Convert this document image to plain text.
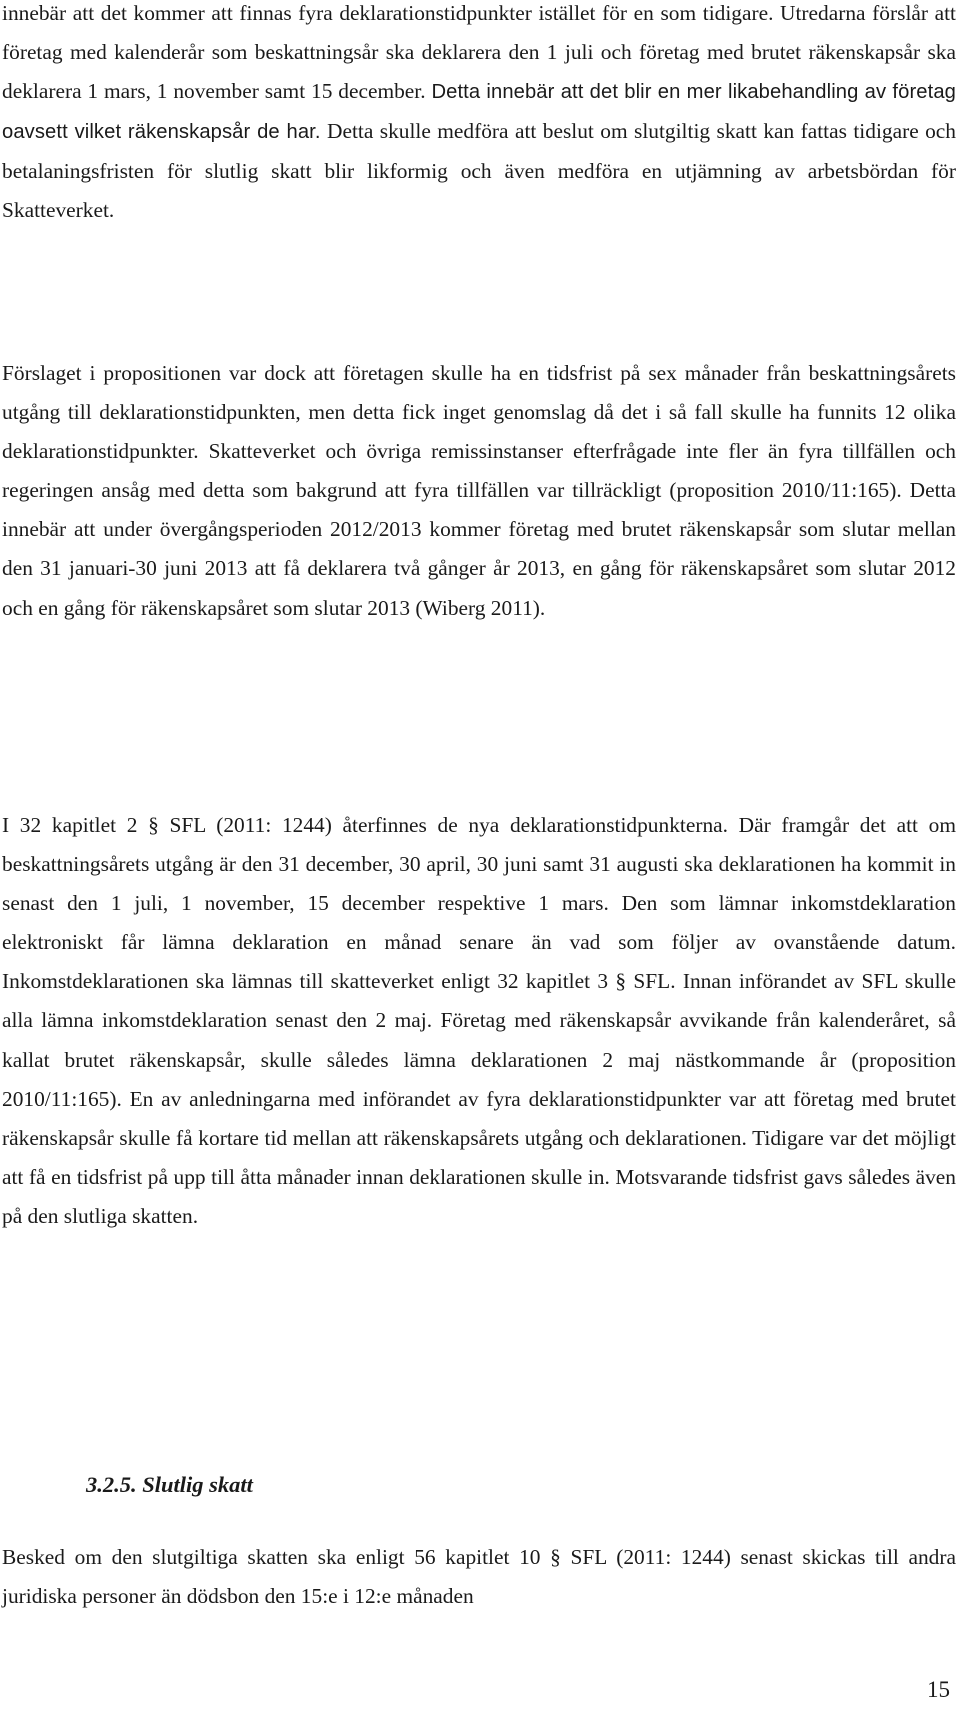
innebär att det kommer att finnas fyra deklarationstidpunkter istället för en som tidigare. Utredarna förslår att företag med kalenderår som beskattningsår ska deklarera den 1 juli och företag med brutet räkenskapsår ska deklarera 1 mars, 1 november samt 15 december. Detta innebär att det blir en mer likabehandling av företag oavsett vilket räkenskapsår de har. Detta skulle medföra att beslut om slutgiltig skatt kan fattas tidigare och betalaningsfristen för slutlig skatt blir likformig och även medföra en utjämning av arbetsbördan för Skatteverket.

Förslaget i propositionen var dock att företagen skulle ha en tidsfrist på sex månader från beskattningsårets utgång till deklarationstidpunkten, men detta fick inget genomslag då det i så fall skulle ha funnits 12 olika deklarationstidpunkter. Skatteverket och övriga remissinstanser efterfrågade inte fler än fyra tillfällen och regeringen ansåg med detta som bakgrund att fyra tillfällen var tillräckligt (proposition 2010/11:165). Detta innebär att under övergångsperioden 2012/2013 kommer företag med brutet räkenskapsår som slutar mellan den 31 januari-30 juni 2013 att få deklarera två gånger år 2013, en gång för räkenskapsåret som slutar 2012 och en gång för räkenskapsåret som slutar 2013 (Wiberg 2011).

I 32 kapitlet 2 § SFL (2011: 1244) återfinnes de nya deklarationstidpunkterna. Där framgår det att om beskattningsårets utgång är den 31 december, 30 april, 30 juni samt 31 augusti ska deklarationen ha kommit in senast den 1 juli, 1 november, 15 december respektive 1 mars. Den som lämnar inkomstdeklaration elektroniskt får lämna deklaration en månad senare än vad som följer av ovanstående datum. Inkomstdeklarationen ska lämnas till skatteverket enligt 32 kapitlet 3 § SFL. Innan införandet av SFL skulle alla lämna inkomstdeklaration senast den 2 maj. Företag med räkenskapsår avvikande från kalenderåret, så kallat brutet räkenskapsår, skulle således lämna deklarationen 2 maj nästkommande år (proposition 2010/11:165). En av anledningarna med införandet av fyra deklarationstidpunkter var att företag med brutet räkenskapsår skulle få kortare tid mellan att räkenskapsårets utgång och deklarationen. Tidigare var det möjligt att få en tidsfrist på upp till åtta månader innan deklarationen skulle in. Motsvarande tidsfrist gavs således även på den slutliga skatten.

3.2.5. Slutlig skatt

Besked om den slutgiltiga skatten ska enligt 56 kapitlet 10 § SFL (2011: 1244) senast skickas till andra juridiska personer än dödsbon den 15:e i 12:e månaden

15
